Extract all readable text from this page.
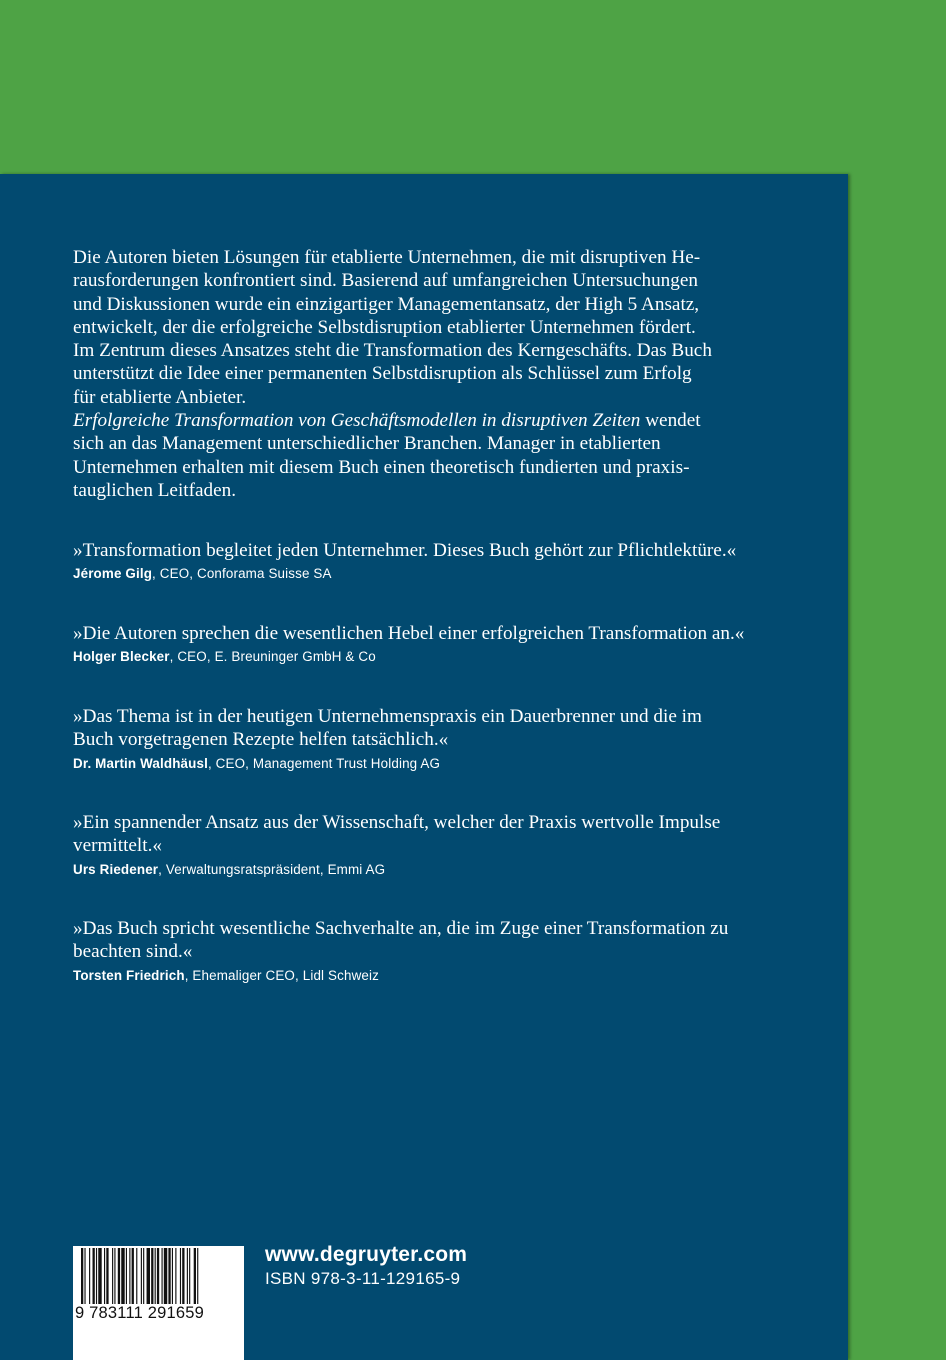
Die Autoren bieten Lösungen für etablierte Unternehmen, die mit disruptiven He-
rausforderungen konfrontiert sind. Basierend auf umfangreichen Untersuchungen
und Diskussionen wurde ein einzigartiger Managementansatz, der High 5 Ansatz,
entwickelt, der die erfolgreiche Selbstdisruption etablierter Unternehmen fördert.
Im Zentrum dieses Ansatzes steht die Transformation des Kerngeschäfts. Das Buch
unterstützt die Idee einer permanenten Selbstdisruption als Schlüssel zum Erfolg
für etablierte Anbieter.
Erfolgreiche Transformation von Geschäftsmodellen in disruptiven Zeiten wendet
sich an das Management unterschiedlicher Branchen. Manager in etablierten
Unternehmen erhalten mit diesem Buch einen theoretisch fundierten und praxis-
tauglichen Leitfaden.

»Transformation begleitet jeden Unternehmer. Dieses Buch gehört zur Pflichtlektüre.«

Jérome Gilg, CEO, Conforama Suisse SA

»Die Autoren sprechen die wesentlichen Hebel einer erfolgreichen Transformation an.«

Holger Blecker, CEO, E. Breuninger GmbH & Co

»Das Thema ist in der heutigen Unternehmenspraxis ein Dauerbrenner und die im Buch vorgetragenen Rezepte helfen tatsächlich.«

Dr. Martin Waldhäusl, CEO, Management Trust Holding AG

»Ein spannender Ansatz aus der Wissenschaft, welcher der Praxis wertvolle Impulse vermittelt.«

Urs Riedener, Verwaltungsratspräsident, Emmi AG

»Das Buch spricht wesentliche Sachverhalte an, die im Zuge einer Transformation zu beachten sind.«

Torsten Friedrich, Ehemaliger CEO, Lidl Schweiz
9 783111 291659
www.degruyter.com
ISBN 978-3-11-129165-9
